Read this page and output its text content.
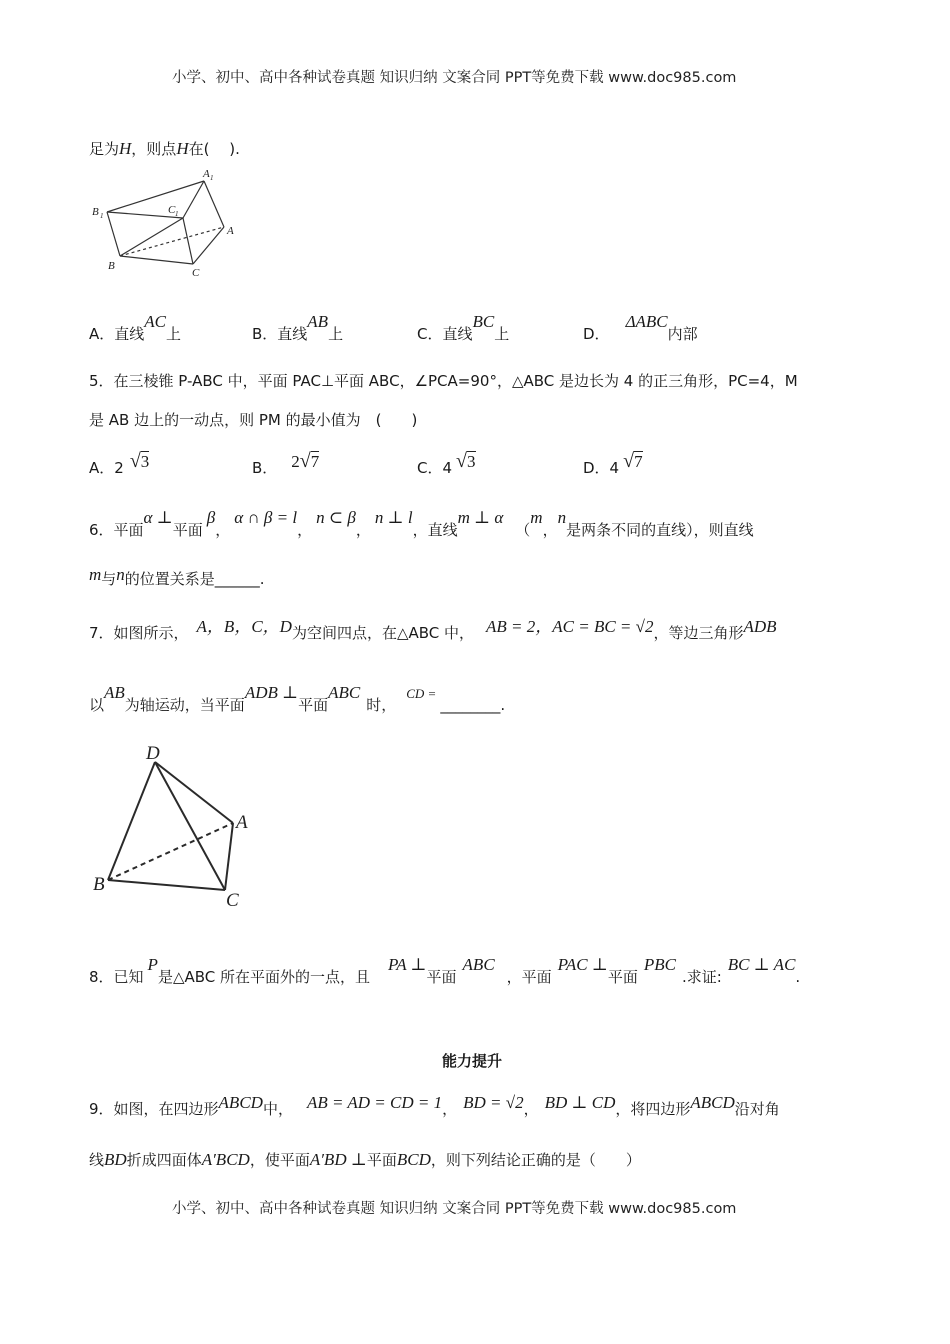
小学、初中、高中各种试卷真题 知识归纳 文案合同 PPT等免费下载 www.doc985.com
小学、初中、高中各种试卷真题 知识归纳 文案合同 PPT等免费下载 www.doc985.com
足为H，则点H在(　 ).
A 1
B 1	C 1
A
B
C
A．直线AC上	B．直线AB上	C．直线BC上	D．ΔABC内部
5．在三棱锥 P-ABC 中，平面 PAC⊥平面 ABC，∠PCA=90°，△ABC 是边长为 4 的正三角形，PC=4，M
是 AB 边上的一动点，则 PM 的最小值为　(　　)
A．2 √3	B． 2√7	C．4 √3	D．4 √7
6．平面α ⊥平面β，α ∩ β = l，n ⊂ β，n ⊥ l，直线m ⊥ α（m，n是两条不同的直线），则直线
m与n的位置关系是______.
7．如图所示， A，B，C，D为空间四点，在△ABC 中， AB = 2，AC = BC = √2，等边三角形ADB
以AB为轴运动，当平面ADB ⊥平面ABC时，CD =________.
D
A
B
C
8．已知P是△ABC 所在平面外的一点，且PA ⊥平面ABC，平面PAC ⊥平面PBC.求证:BC ⊥ AC.
能力提升
9．如图，在四边形ABCD中， AB = AD = CD = 1， BD = √2， BD ⊥ CD，将四边形ABCD沿对角
线BD折成四面体A′BCD，使平面A′BD ⊥平面BCD，则下列结论正确的是（　　）
